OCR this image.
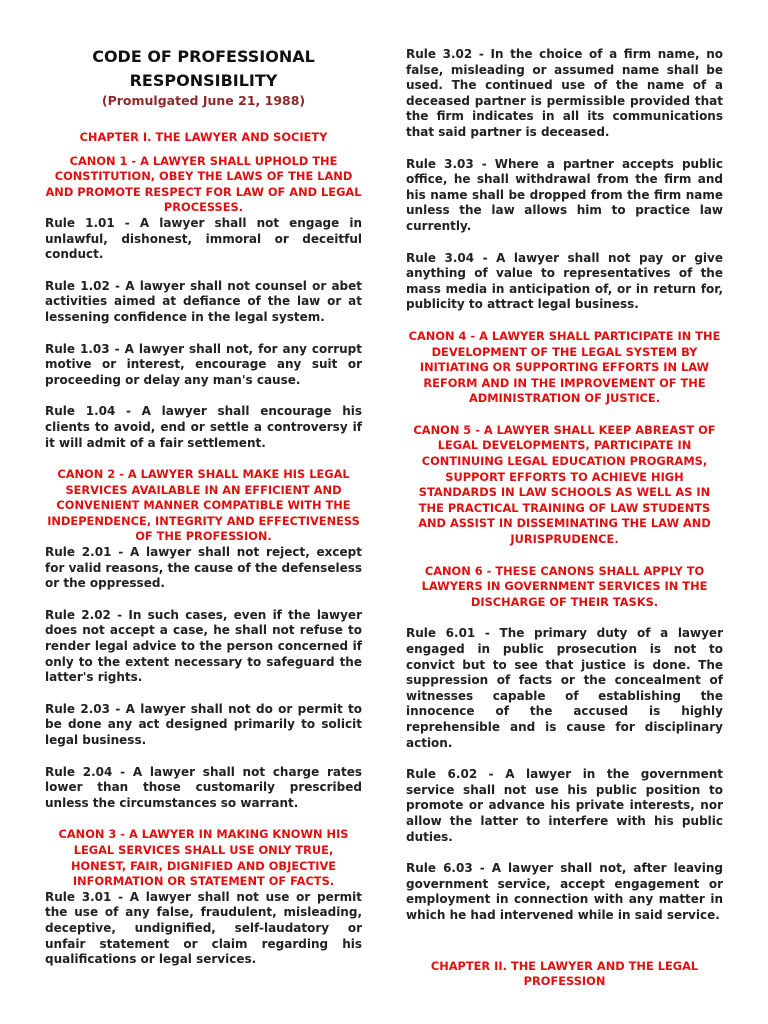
CODE OF PROFESSIONAL
RESPONSIBILITY
(Promulgated June 21, 1988)
CHAPTER I. THE LAWYER AND SOCIETY
CANON 1 - A LAWYER SHALL UPHOLD THE CONSTITUTION, OBEY THE LAWS OF THE LAND AND PROMOTE RESPECT FOR LAW OF AND LEGAL PROCESSES.
Rule 1.01 - A lawyer shall not engage in unlawful, dishonest, immoral or deceitful conduct.
Rule 1.02 - A lawyer shall not counsel or abet activities aimed at defiance of the law or at lessening confidence in the legal system.
Rule 1.03 - A lawyer shall not, for any corrupt motive or interest, encourage any suit or proceeding or delay any man's cause.
Rule 1.04 - A lawyer shall encourage his clients to avoid, end or settle a controversy if it will admit of a fair settlement.
CANON 2 - A LAWYER SHALL MAKE HIS LEGAL SERVICES AVAILABLE IN AN EFFICIENT AND CONVENIENT MANNER COMPATIBLE WITH THE INDEPENDENCE, INTEGRITY AND EFFECTIVENESS OF THE PROFESSION.
Rule 2.01 - A lawyer shall not reject, except for valid reasons, the cause of the defenseless or the oppressed.
Rule 2.02 - In such cases, even if the lawyer does not accept a case, he shall not refuse to render legal advice to the person concerned if only to the extent necessary to safeguard the latter's rights.
Rule 2.03 - A lawyer shall not do or permit to be done any act designed primarily to solicit legal business.
Rule 2.04 - A lawyer shall not charge rates lower than those customarily prescribed unless the circumstances so warrant.
CANON 3 - A LAWYER IN MAKING KNOWN HIS LEGAL SERVICES SHALL USE ONLY TRUE, HONEST, FAIR, DIGNIFIED AND OBJECTIVE INFORMATION OR STATEMENT OF FACTS.
Rule 3.01 - A lawyer shall not use or permit the use of any false, fraudulent, misleading, deceptive, undignified, self-laudatory or unfair statement or claim regarding his qualifications or legal services.
Rule 3.02 - In the choice of a firm name, no false, misleading or assumed name shall be used. The continued use of the name of a deceased partner is permissible provided that the firm indicates in all its communications that said partner is deceased.
Rule 3.03 - Where a partner accepts public office, he shall withdrawal from the firm and his name shall be dropped from the firm name unless the law allows him to practice law currently.
Rule 3.04 - A lawyer shall not pay or give anything of value to representatives of the mass media in anticipation of, or in return for, publicity to attract legal business.
CANON 4 - A LAWYER SHALL PARTICIPATE IN THE DEVELOPMENT OF THE LEGAL SYSTEM BY INITIATING OR SUPPORTING EFFORTS IN LAW REFORM AND IN THE IMPROVEMENT OF THE ADMINISTRATION OF JUSTICE.
CANON 5 - A LAWYER SHALL KEEP ABREAST OF LEGAL DEVELOPMENTS, PARTICIPATE IN CONTINUING LEGAL EDUCATION PROGRAMS, SUPPORT EFFORTS TO ACHIEVE HIGH STANDARDS IN LAW SCHOOLS AS WELL AS IN THE PRACTICAL TRAINING OF LAW STUDENTS AND ASSIST IN DISSEMINATING THE LAW AND JURISPRUDENCE.
CANON 6 - THESE CANONS SHALL APPLY TO LAWYERS IN GOVERNMENT SERVICES IN THE DISCHARGE OF THEIR TASKS.
Rule 6.01 - The primary duty of a lawyer engaged in public prosecution is not to convict but to see that justice is done. The suppression of facts or the concealment of witnesses capable of establishing the innocence of the accused is highly reprehensible and is cause for disciplinary action.
Rule 6.02 - A lawyer in the government service shall not use his public position to promote or advance his private interests, nor allow the latter to interfere with his public duties.
Rule 6.03 - A lawyer shall not, after leaving government service, accept engagement or employment in connection with any matter in which he had intervened while in said service.
CHAPTER II. THE LAWYER AND THE LEGAL PROFESSION
